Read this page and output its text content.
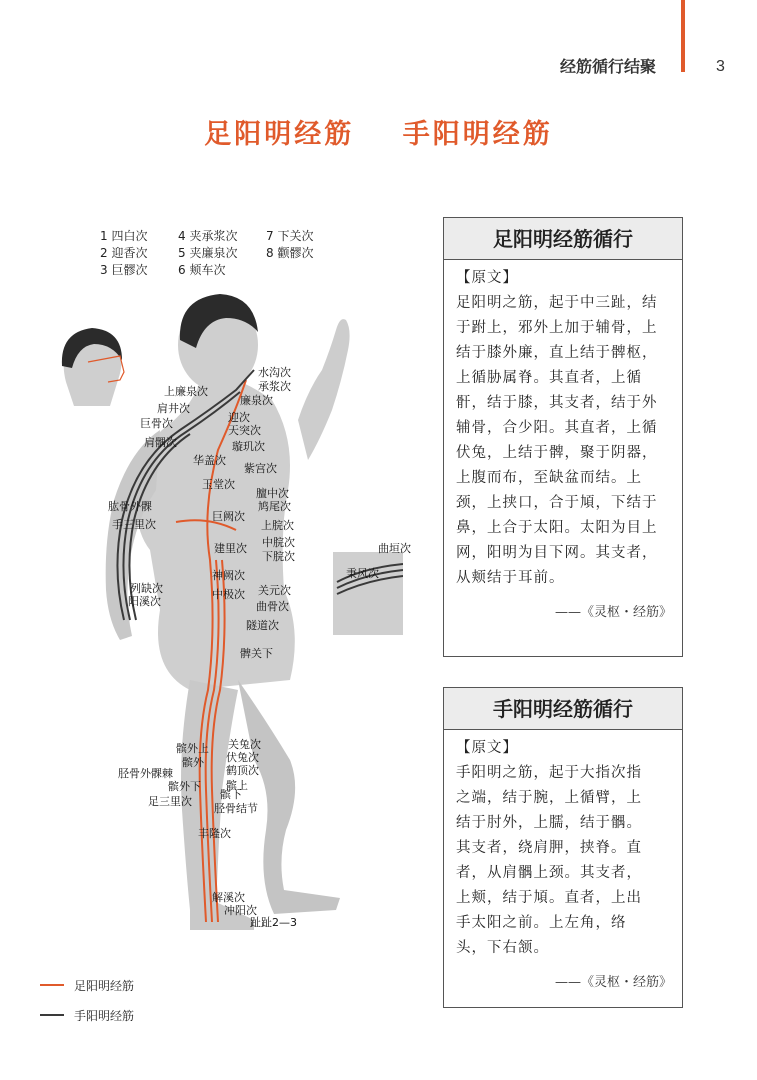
经筋循行结聚	3
足阳明经筋 手阳明经筋
1 四白次
2 迎香次
3 巨髎次
4 夹承浆次
5 夹廉泉次
6 颊车次
7 下关次
8 颧髎次
水沟次
承浆次
廉泉次
上廉泉次
肩井次
巨骨次
肩髃次
迎次
天突次
璇玑次
华盖次
紫宫次
玉堂次
膻中次
鸠尾次
巨阙次
上脘次
中脘次
下脘次
建里次
神阙次
关元次
中极次
曲骨次
隧道次
髀关下
肱骨外髁
手三里次
列缺次
阳溪次
曲垣次
秉风次
髌外上 关兔次
伏兔次
髌外
鹤顶次
胫骨外髁棘
髌外下 髌上
髌下
足三里次
胫骨结节
丰隆次
解溪次
冲阳次
趾趾2—3
足阳明经筋
手阳明经筋
足阳明经筋循行
【原文】
足阳明之筋，起于中三趾，结
于跗上，邪外上加于辅骨，上
结于膝外廉，直上结于髀枢，
上循胁属脊。其直者，上循
骭，结于膝，其支者，结于外
辅骨，合少阳。其直者，上循
伏兔，上结于髀，聚于阴器，
上腹而布，至缺盆而结。上
颈，上挟口，合于頄，下结于
鼻，上合于太阳。太阳为目上
网，阳明为目下网。其支者，
从颊结于耳前。
——《灵枢・经筋》
手阳明经筋循行
【原文】
手阳明之筋，起于大指次指
之端，结于腕，上循臂，上
结于肘外，上臑，结于髃。
其支者，绕肩胛，挟脊。直
者，从肩髃上颈。其支者，
上颊，结于頄。直者，上出
手太阳之前。上左角，络
头，下右颔。
——《灵枢・经筋》
